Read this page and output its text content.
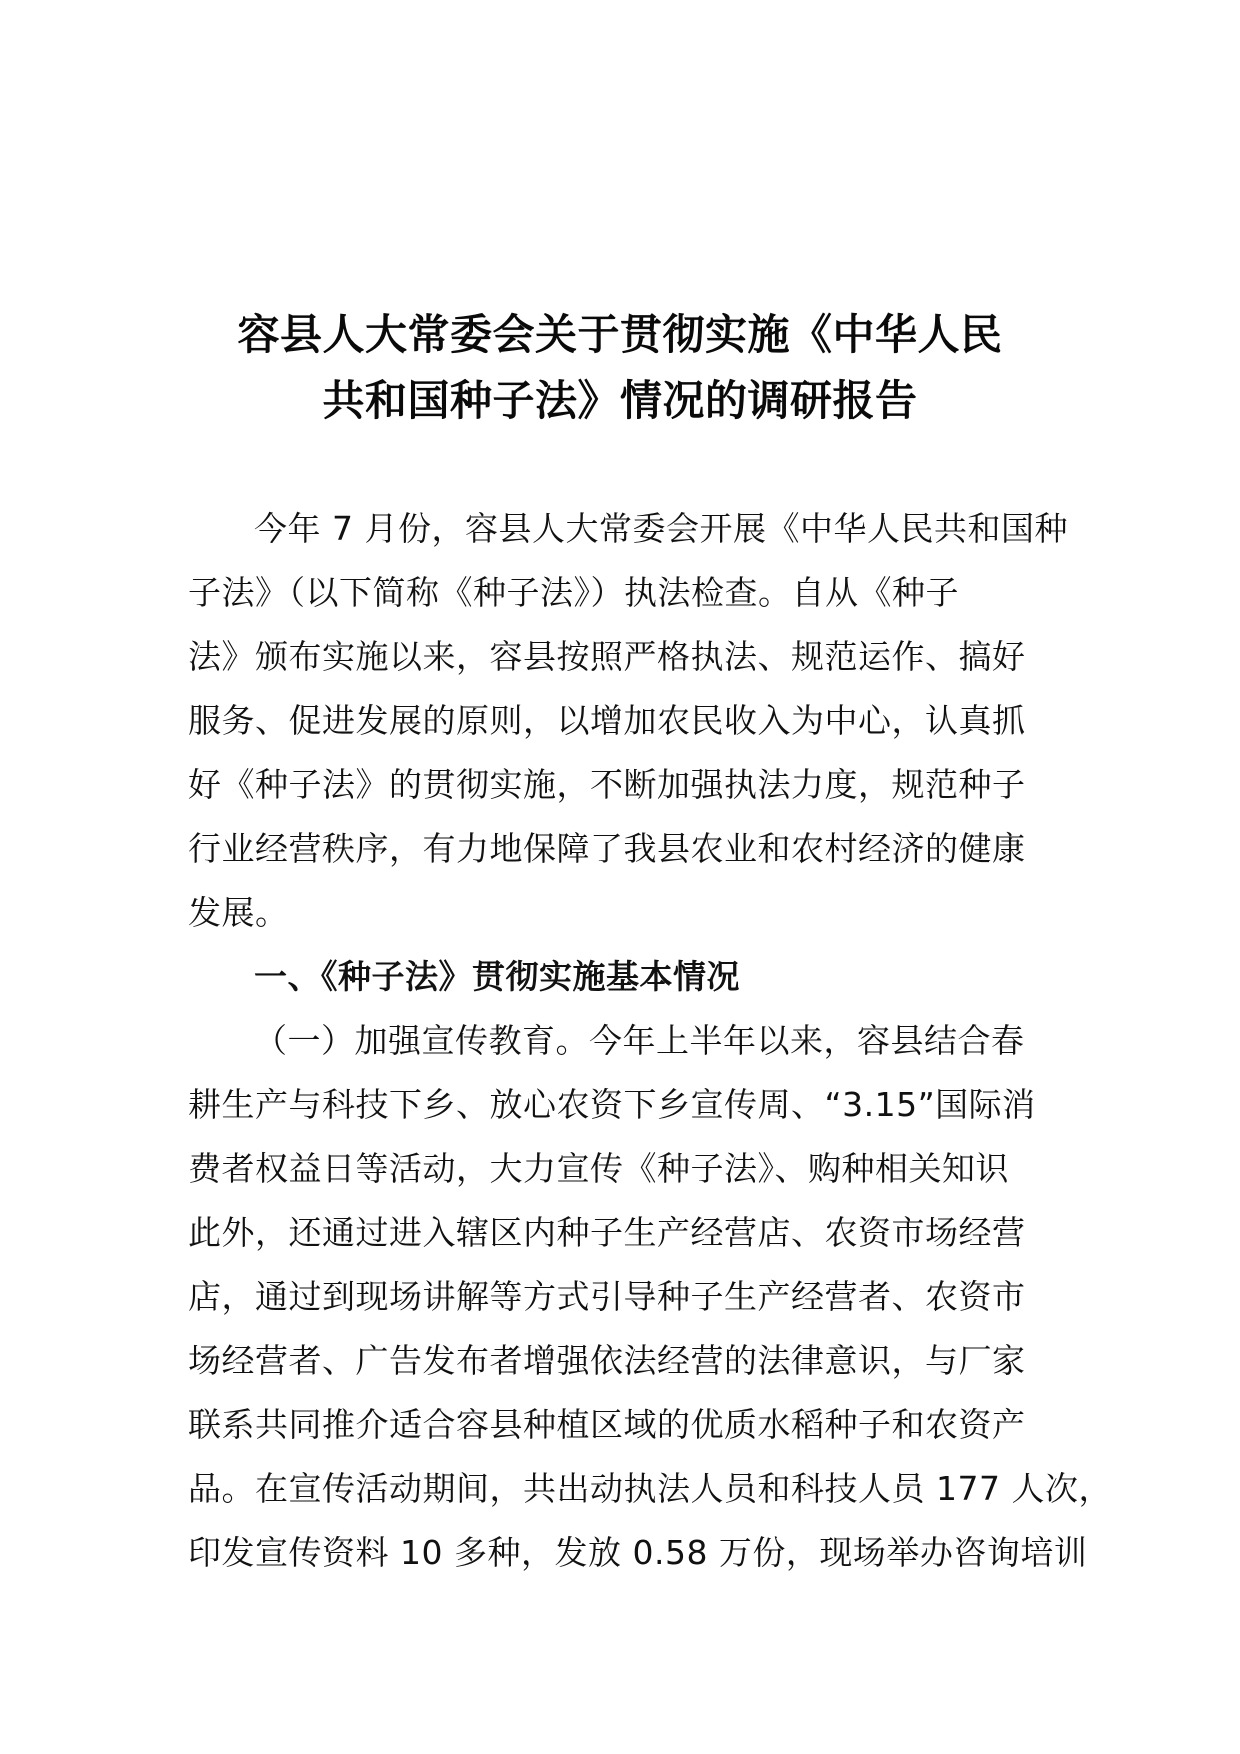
容县人大常委会关于贯彻实施《中华人民
共和国种子法》情况的调研报告
今年 7 月份，容县人大常委会开展《中华人民共和国种
子法》（以下简称《种子法》）执法检查。自从《种子
法》颁布实施以来，容县按照严格执法、规范运作、搞好
服务、促进发展的原则，以增加农民收入为中心，认真抓
好《种子法》的贯彻实施，不断加强执法力度，规范种子
行业经营秩序，有力地保障了我县农业和农村经济的健康
发展。
一、《种子法》贯彻实施基本情况
（一）加强宣传教育。今年上半年以来，容县结合春
耕生产与科技下乡、放心农资下乡宣传周、“3.15”国际消
费者权益日等活动，大力宣传《种子法》、购种相关知识
此外，还通过进入辖区内种子生产经营店、农资市场经营
店，通过到现场讲解等方式引导种子生产经营者、农资市
场经营者、广告发布者增强依法经营的法律意识，与厂家
联系共同推介适合容县种植区域的优质水稻种子和农资产
品。在宣传活动期间，共出动执法人员和科技人员 177 人次，
印发宣传资料 10 多种，发放 0.58 万份，现场举办咨询培训
